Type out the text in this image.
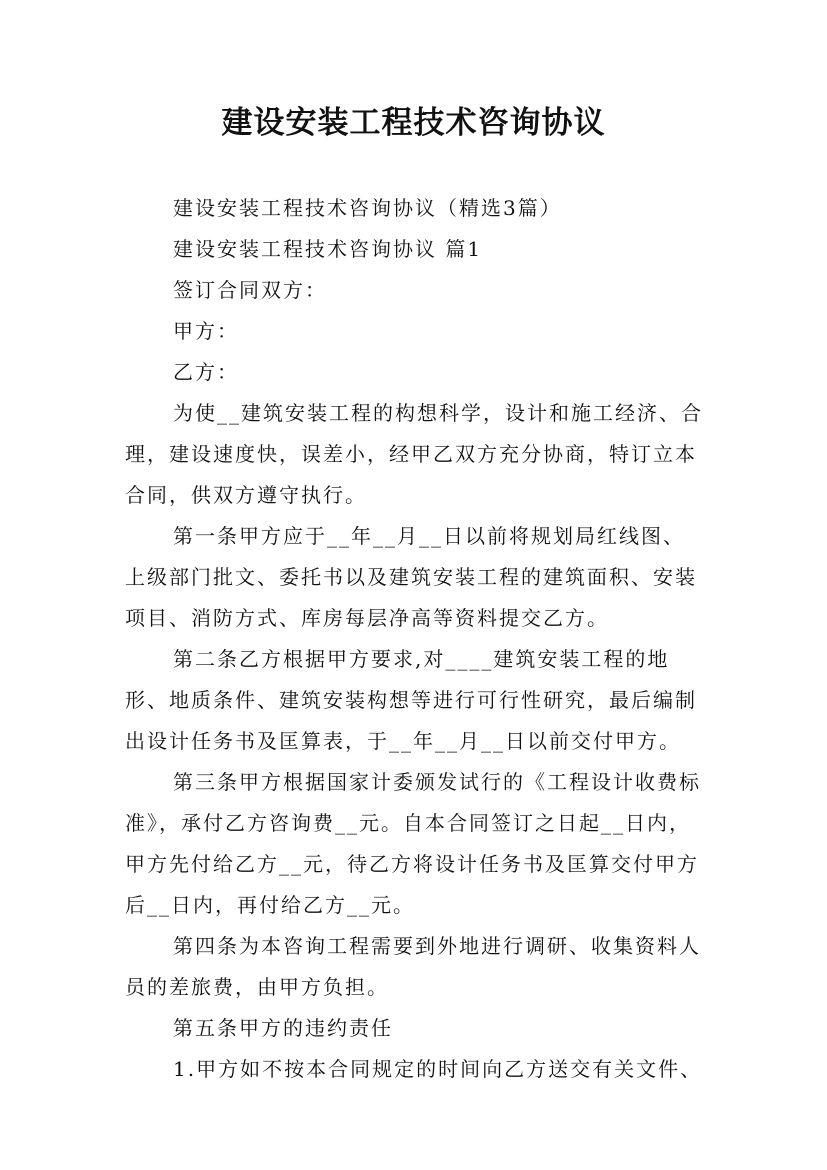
建设安装工程技术咨询协议

建设安装工程技术咨询协议（精选3篇）

建设安装工程技术咨询协议 篇1

签订合同双方：

甲方：

乙方：

为使__建筑安装工程的构想科学，设计和施工经济、合理，建设速度快，误差小，经甲乙双方充分协商，特订立本合同，供双方遵守执行。

第一条甲方应于__年__月__日以前将规划局红线图、上级部门批文、委托书以及建筑安装工程的建筑面积、安装项目、消防方式、库房每层净高等资料提交乙方。

第二条乙方根据甲方要求,对____建筑安装工程的地形、地质条件、建筑安装构想等进行可行性研究，最后编制出设计任务书及匡算表，于__年__月__日以前交付甲方。

第三条甲方根据国家计委颁发试行的《工程设计收费标准》，承付乙方咨询费__元。自本合同签订之日起__日内，甲方先付给乙方__元，待乙方将设计任务书及匡算交付甲方后__日内，再付给乙方__元。

第四条为本咨询工程需要到外地进行调研、收集资料人员的差旅费，由甲方负担。

第五条甲方的违约责任

1.甲方如不按本合同规定的时间向乙方送交有关文件、
